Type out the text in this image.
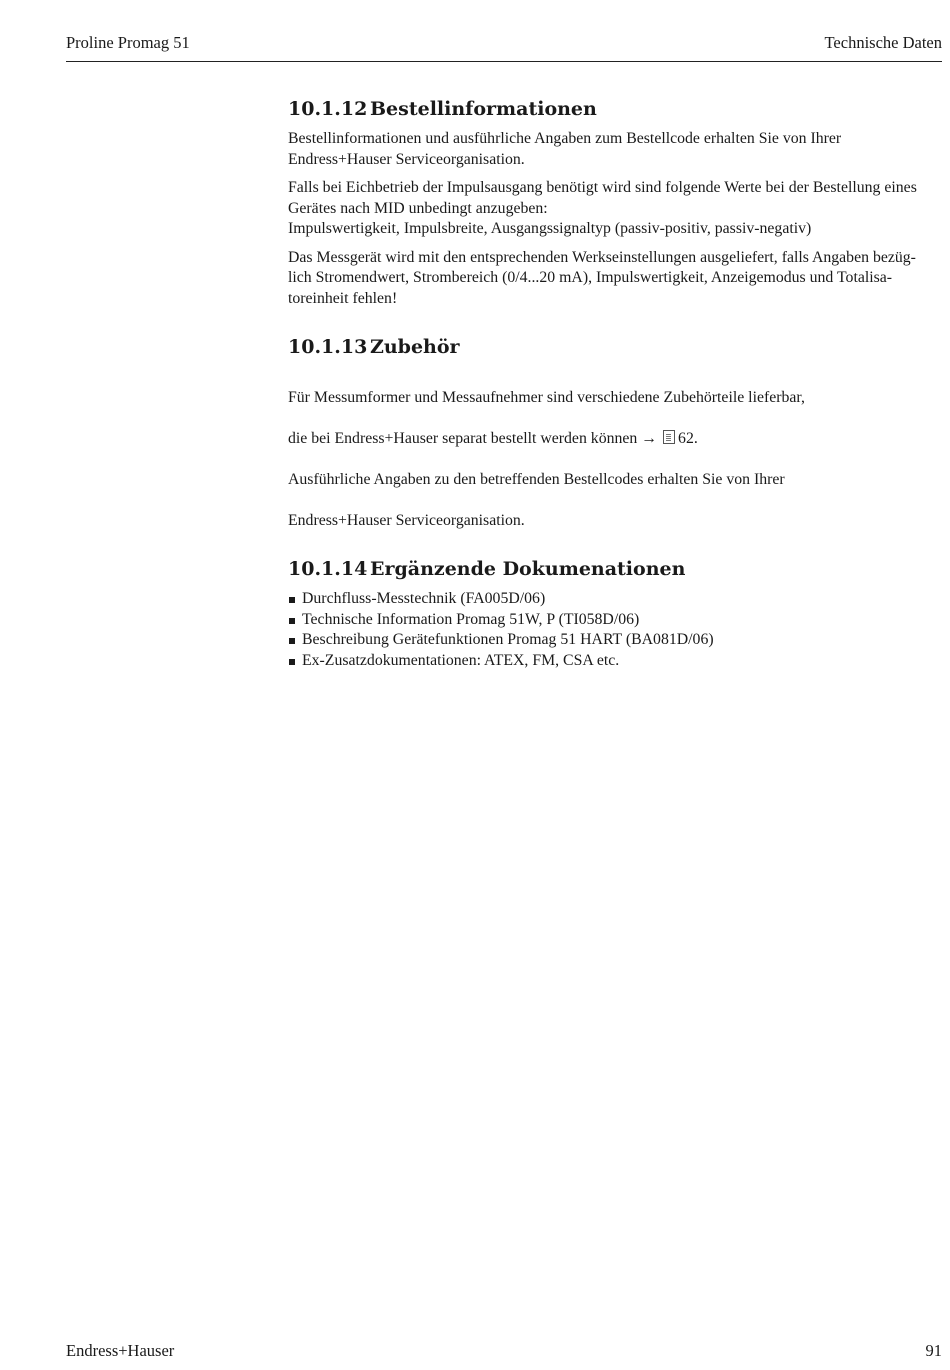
Proline Promag 51	Technische Daten
10.1.12 Bestellinformationen

Bestellinformationen und ausführliche Angaben zum Bestellcode erhalten Sie von Ihrer
Endress+Hauser Serviceorganisation.

Falls bei Eichbetrieb der Impulsausgang benötigt wird sind folgende Werte bei der Bestellung eines
Gerätes nach MID unbedingt anzugeben:
Impulswertigkeit, Impulsbreite, Ausgangssignaltyp (passiv-positiv, passiv-negativ)

Das Messgerät wird mit den entsprechenden Werkseinstellungen ausgeliefert, falls Angaben bezüg-
lich Stromendwert, Strombereich (0/4...20 mA), Impulswertigkeit, Anzeigemodus und Totalisa-
toreinheit fehlen!

10.1.13 Zubehör

Für Messumformer und Messaufnehmer sind verschiedene Zubehörteile lieferbar,

die bei Endress+Hauser separat bestellt werden können → 62.

Ausführliche Angaben zu den betreffenden Bestellcodes erhalten Sie von Ihrer

Endress+Hauser Serviceorganisation.

10.1.14 Ergänzende Dokumenationen
Durchfluss-Messtechnik (FA005D/06)
Technische Information Promag 51W, P (TI058D/06)
Beschreibung Gerätefunktionen Promag 51 HART (BA081D/06)
Ex-Zusatzdokumentationen: ATEX, FM, CSA etc.
Endress+Hauser	91
